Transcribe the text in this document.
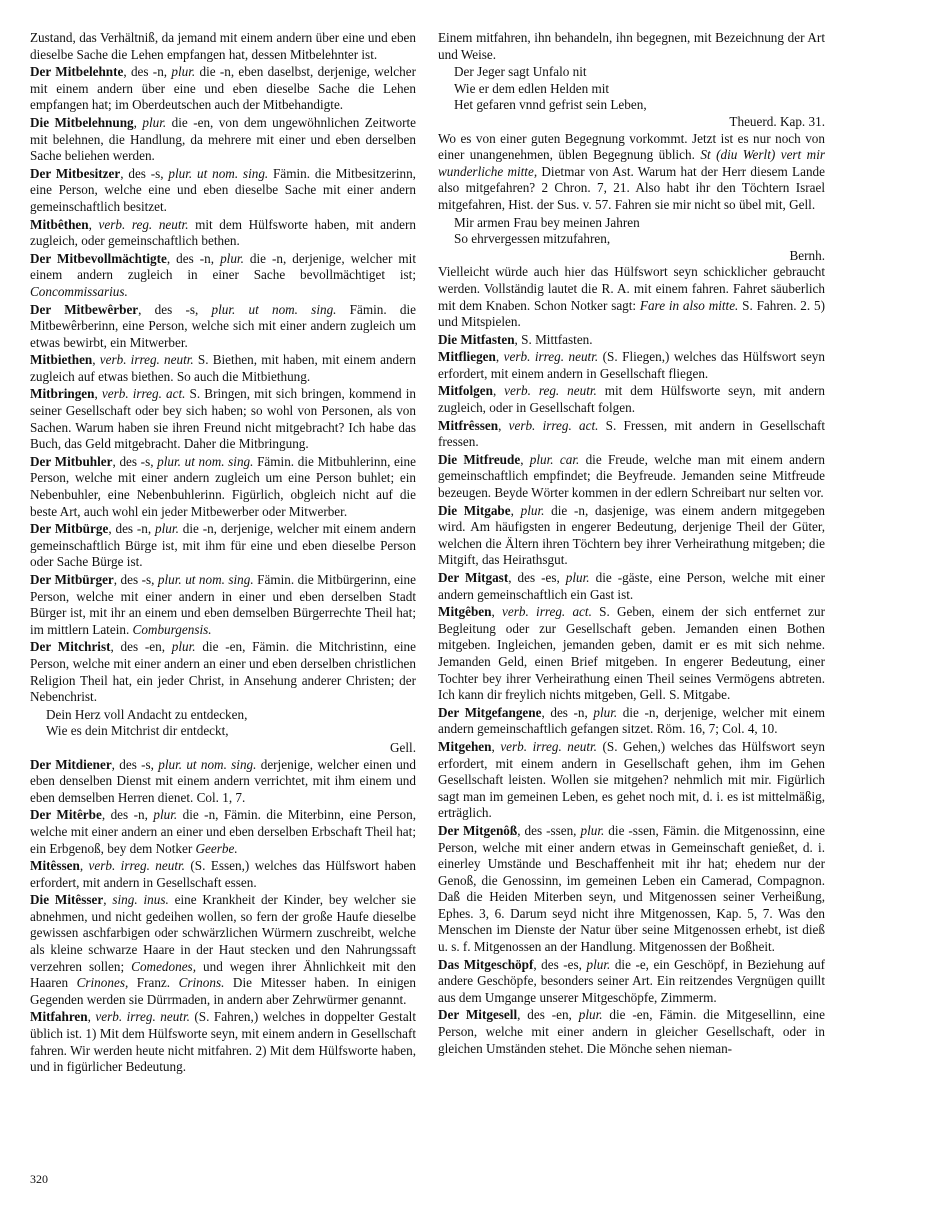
Zustand, das Verhältniß, da jemand mit einem andern über eine und eben dieselbe Sache die Lehen empfangen hat, dessen Mitbelehnter ist.

Der Mitbelehnte, des -n, plur. die -n, eben daselbst, derjenige, welcher mit einem andern über eine und eben dieselbe Sache die Lehen empfangen hat; im Oberdeutschen auch der Mitbehandigte.

Die Mitbelehnung, plur. die -en, von dem ungewöhnlichen Zeitworte mit belehnen, die Handlung, da mehrere mit einer und eben derselben Sache beliehen werden.

Der Mitbesitzer, des -s, plur. ut nom. sing. Fämin. die Mitbesitzerinn, eine Person, welche eine und eben dieselbe Sache mit einer andern gemeinschaftlich besitzet.

Mitbêthen, verb. reg. neutr. mit dem Hülfsworte haben, mit andern zugleich, oder gemeinschaftlich bethen.

Der Mitbevollmächtigte, des -n, plur. die -n, derjenige, welcher mit einem andern zugleich in einer Sache bevollmächtiget ist; Concommissarius.

Der Mitbewêrber, des -s, plur. ut nom. sing. Fämin. die Mitbewêrberinn, eine Person, welche sich mit einer andern zugleich um etwas bewirbt, ein Mitwerber.

Mitbiethen, verb. irreg. neutr. S. Biethen, mit haben, mit einem andern zugleich auf etwas biethen. So auch die Mitbiethung.

Mitbringen, verb. irreg. act. S. Bringen, mit sich bringen, kommend in seiner Gesellschaft oder bey sich haben; so wohl von Personen, als von Sachen. Warum haben sie ihren Freund nicht mitgebracht? Ich habe das Buch, das Geld mitgebracht. Daher die Mitbringung.

Der Mitbuhler, des -s, plur. ut nom. sing. Fämin. die Mitbuhlerinn, eine Person, welche mit einer andern zugleich um eine Person buhlet; ein Nebenbuhler, eine Nebenbuhlerinn. Figürlich, obgleich nicht auf die beste Art, auch wohl ein jeder Mitbewerber oder Mitwerber.

Der Mitbürge, des -n, plur. die -n, derjenige, welcher mit einem andern gemeinschaftlich Bürge ist, mit ihm für eine und eben dieselbe Person oder Sache Bürge ist.

Der Mitbürger, des -s, plur. ut nom. sing. Fämin. die Mitbürgerinn, eine Person, welche mit einer andern in einer und eben derselben Stadt Bürger ist, mit ihr an einem und eben demselben Bürgerrechte Theil hat; im mittlern Latein. Comburgensis.

Der Mitchrist, des -en, plur. die -en, Fämin. die Mitchristinn, eine Person, welche mit einer andern an einer und eben derselben christlichen Religion Theil hat, ein jeder Christ, in Ansehung anderer Christen; der Nebenchrist.

Dein Herz voll Andacht zu entdecken,
Wie es dein Mitchrist dir entdeckt,
Gell.

Der Mitdiener, des -s, plur. ut nom. sing. derjenige, welcher einen und eben denselben Dienst mit einem andern verrichtet, mit ihm einem und eben demselben Herren dienet. Col. 1, 7.

Der Mitêrbe, des -n, plur. die -n, Fämin. die Miterbinn, eine Person, welche mit einer andern an einer und eben derselben Erbschaft Theil hat; ein Erbgenoß, bey dem Notker Geerbe.

Mitêssen, verb. irreg. neutr. (S. Essen,) welches das Hülfswort haben erfordert, mit andern in Gesellschaft essen.

Die Mitêsser, sing. inus. eine Krankheit der Kinder, bey welcher sie abnehmen, und nicht gedeihen wollen, so fern der große Haufe dieselbe gewissen aschfarbigen oder schwärzlichen Würmern zuschreibt, welche als kleine schwarze Haare in der Haut stecken und den Nahrungssaft verzehren sollen; Comedones, und wegen ihrer Ähnlichkeit mit den Haaren Crinones, Franz. Crinons. Die Mitesser haben. In einigen Gegenden werden sie Dürrmaden, in andern aber Zehrwürmer genannt.

Mitfahren, verb. irreg. neutr. (S. Fahren,) welches in doppelter Gestalt üblich ist. 1) Mit dem Hülfsworte seyn, mit einem andern in Gesellschaft fahren. Wir werden heute nicht mitfahren. 2) Mit dem Hülfsworte haben, und in figürlicher Bedeutung.

Einem mitfahren, ihn behandeln, ihn begegnen, mit Bezeichnung der Art und Weise.

Der Jeger sagt Unfalo nit
Wie er dem edlen Helden mit
Het gefaren vnnd gefrist sein Leben,
Theuerd. Kap. 31.

Wo es von einer guten Begegnung vorkommt. Jetzt ist es nur noch von einer unangenehmen, üblen Begegnung üblich. St (diu Werlt) vert mir wunderliche mitte, Dietmar von Ast. Warum hat der Herr diesem Lande also mitgefahren? 2 Chron. 7, 21. Also habt ihr den Töchtern Israel mitgefahren, Hist. der Sus. v. 57. Fahren sie mir nicht so übel mit, Gell.

Mir armen Frau bey meinen Jahren
So ehrvergessen mitzufahren,
Bernh.

Vielleicht würde auch hier das Hülfswort seyn schicklicher gebraucht werden. Vollständig lautet die R. A. mit einem fahren. Fahret säuberlich mit dem Knaben. Schon Notker sagt: Fare in also mitte. S. Fahren. 2. 5) und Mitspielen.

Die Mitfasten, S. Mittfasten.

Mitfliegen, verb. irreg. neutr. (S. Fliegen,) welches das Hülfswort seyn erfordert, mit einem andern in Gesellschaft fliegen.

Mitfolgen, verb. reg. neutr. mit dem Hülfsworte seyn, mit andern zugleich, oder in Gesellschaft folgen.

Mitfrêssen, verb. irreg. act. S. Fressen, mit andern in Gesellschaft fressen.

Die Mitfreude, plur. car. die Freude, welche man mit einem andern gemeinschaftlich empfindet; die Beyfreude. Jemanden seine Mitfreude bezeugen. Beyde Wörter kommen in der edlern Schreibart nur selten vor.

Die Mitgabe, plur. die -n, dasjenige, was einem andern mitgegeben wird. Am häufigsten in engerer Bedeutung, derjenige Theil der Güter, welchen die Ältern ihren Töchtern bey ihrer Verheirathung mitgeben; die Mitgift, das Heirathsgut.

Der Mitgast, des -es, plur. die -gäste, eine Person, welche mit einer andern gemeinschaftlich ein Gast ist.

Mitgêben, verb. irreg. act. S. Geben, einem der sich entfernet zur Begleitung oder zur Gesellschaft geben. Jemanden einen Bothen mitgeben. Ingleichen, jemanden geben, damit er es mit sich nehme. Jemanden Geld, einen Brief mitgeben. In engerer Bedeutung, einer Tochter bey ihrer Verheirathung einen Theil seines Vermögens abtreten. Ich kann dir freylich nichts mitgeben, Gell. S. Mitgabe.

Der Mitgefangene, des -n, plur. die -n, derjenige, welcher mit einem andern gemeinschaftlich gefangen sitzet. Röm. 16, 7; Col. 4, 10.

Mitgehen, verb. irreg. neutr. (S. Gehen,) welches das Hülfswort seyn erfordert, mit einem andern in Gesellschaft gehen, ihm im Gehen Gesellschaft leisten. Wollen sie mitgehen? nehmlich mit mir. Figürlich sagt man im gemeinen Leben, es gehet noch mit, d. i. es ist mittelmäßig, erträglich.

Der Mitgenôß, des -ssen, plur. die -ssen, Fämin. die Mitgenossinn, eine Person, welche mit einer andern etwas in Gemeinschaft genießet, d. i. einerley Umstände und Beschaffenheit mit ihr hat; ehedem nur der Genoß, die Genossinn, im gemeinen Leben ein Camerad, Compagnon. Daß die Heiden Miterben seyn, und Mitgenossen seiner Verheißung, Ephes. 3, 6. Darum seyd nicht ihre Mitgenossen, Kap. 5, 7. Was den Menschen im Dienste der Natur über seine Mitgenossen erhebt, ist dieß u. s. f. Mitgenossen an der Handlung. Mitgenossen der Boßheit.

Das Mitgeschöpf, des -es, plur. die -e, ein Geschöpf, in Beziehung auf andere Geschöpfe, besonders seiner Art. Ein reitzendes Vergnügen quillt aus dem Umgange unserer Mitgeschöpfe, Zimmerm.

Der Mitgesell, des -en, plur. die -en, Fämin. die Mitgesellinn, eine Person, welche mit einer andern in gleicher Gesellschaft, oder in gleichen Umständen stehet. Die Mönche sehen nieman-

320
